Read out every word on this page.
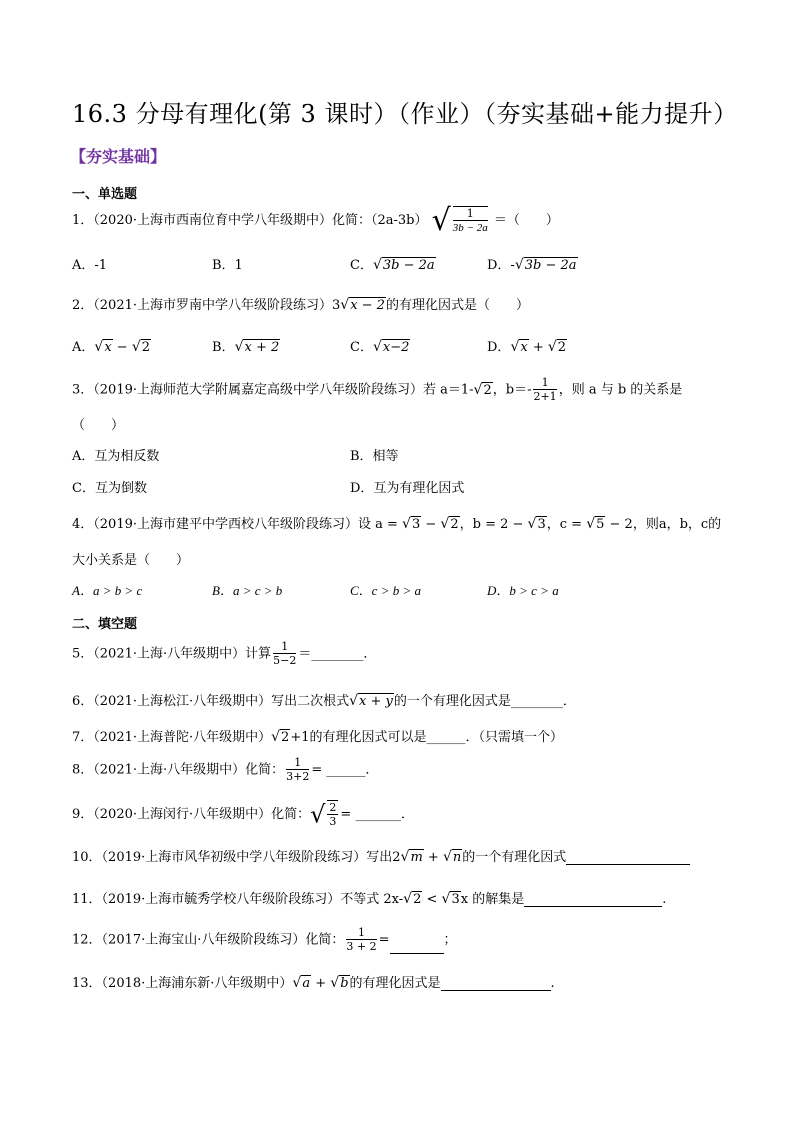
16.3 分母有理化(第 3 课时）（作业）（夯实基础+能力提升）
【夯实基础】
一、单选题
1．（2020·上海市西南位育中学八年级期中）化简：（2a-3b） √ $\frac{1}{3b - 2a}$ ＝（　　）
A．-1	B．1	C．√3b − 2a	D．-√3b − 2a
2．（2021·上海市罗南中学八年级阶段练习）3√x − 2的有理化因式是（　　）
A．√x − √2	B．√x + 2	C．√x−2	D．√x + √2
3．（2019·上海师范大学附属嘉定高级中学八年级阶段练习）若 a＝1-√2，$b=- \frac{1}{2+1}$ ，则 a 与 b 的关系是
（　　）
A．互为相反数	B．相等
C．互为倒数	D．互为有理化因式
4．（2019·上海市建平中学西校八年级阶段练习）设 a = √3 − √2，b = 2 − √3，c = √5 − 2，则a，b，c的
大小关系是（　　）
A．a > b > c	B．a > c > b	C．c > b > a	D．b > c > a
二、填空题
5．（2021·上海·八年级期中）计算 $\frac{1}{5-2}$ ＝________．
6．（2021·上海松江·八年级期中）写出二次根式√x + y的一个有理化因式是________．
7．（2021·上海普陀·八年级期中）√2+1的有理化因式可以是______．（只需填一个）
8．（2021·上海·八年级期中）化简： $\frac{1}{3+2}$ = ______．
9．（2020·上海闵行·八年级期中）化简：√ $\frac{2}{3}$ = _______．
10．（2019·上海市风华初级中学八年级阶段练习）写出2√m + √n的一个有理化因式
11．（2019·上海市毓秀学校八年级阶段练习）不等式 2x-√2 < √3x 的解集是	.
12．（2017·上海宝山·八年级阶段练习）化简： $\frac{1}{3 + 2}$ =	；
13．（2018·上海浦东新·八年级期中）√a + √b的有理化因式是	.
